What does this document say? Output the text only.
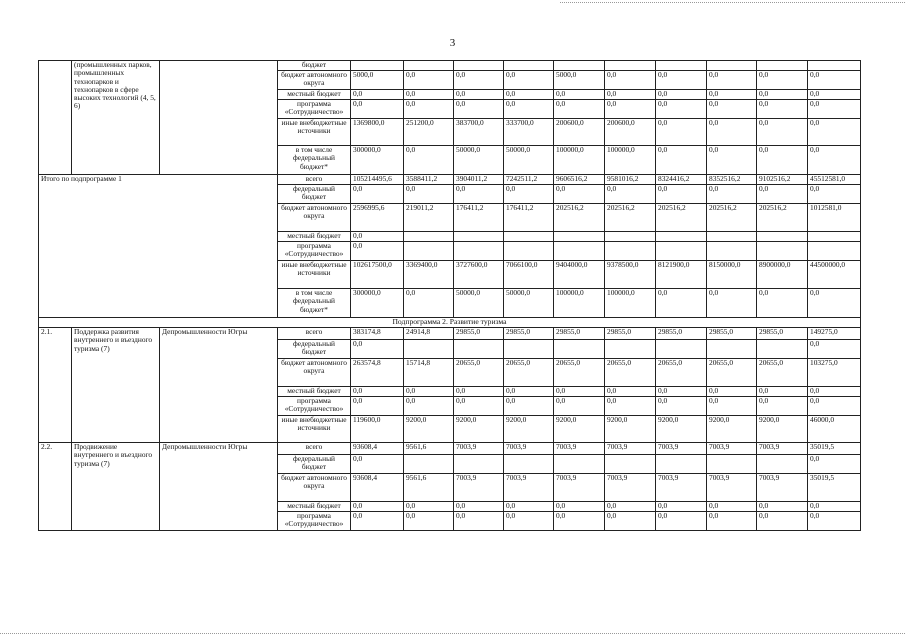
3
	(промышленных парков, промышленных технопарков и технопарков в сфере высоких технологий (4, 5, 6)		бюджет										
			бюджет автономного округа	5000,0	0,0	0,0	0,0	5000,0	0,0	0,0	0,0	0,0	0,0
			местный бюджет	0,0	0,0	0,0	0,0	0,0	0,0	0,0	0,0	0,0	0,0
			программа «Сотрудничество»	0,0	0,0	0,0	0,0	0,0	0,0	0,0	0,0	0,0	0,0
			иные внебюджетные источники	1369800,0	251200,0	383700,0	333700,0	200600,0	200600,0	0,0	0,0	0,0	0,0
			в том числе федеральный бюджет*	300000,0	0,0	50000,0	50000,0	100000,0	100000,0	0,0	0,0	0,0	0,0
Итого по подпрограмме 1			всего	105214495,6	3588411,2	3904011,2	7242511,2	9606516,2	9581016,2	8324416,2	8352516,2	9102516,2	45512581,0
			федеральный бюджет	0,0	0,0	0,0	0,0	0,0	0,0	0,0	0,0	0,0	0,0
			бюджет автономного округа	2596995,6	219011,2	176411,2	176411,2	202516,2	202516,2	202516,2	202516,2	202516,2	1012581,0
			местный бюджет	0,0									
			программа «Сотрудничество»	0,0									
			иные внебюджетные источники	102617500,0	3369400,0	3727600,0	7066100,0	9404000,0	9378500,0	8121900,0	8150000,0	8900000,0	44500000,0
			в том числе федеральный бюджет*	300000,0	0,0	50000,0	50000,0	100000,0	100000,0	0,0	0,0	0,0	0,0
Подпрограмма 2. Развитие туризма													
2.1.	Поддержка развития внутреннего и въездного туризма (7)	Депромышленности Югры	всего	383174,8	24914,8	29855,0	29855,0	29855,0	29855,0	29855,0	29855,0	29855,0	149275,0
			федеральный бюджет	0,0									0,0
			бюджет автономного округа	263574,8	15714,8	20655,0	20655,0	20655,0	20655,0	20655,0	20655,0	20655,0	103275,0
			местный бюджет	0,0	0,0	0,0	0,0	0,0	0,0	0,0	0,0	0,0	0,0
			программа «Сотрудничество»	0,0	0,0	0,0	0,0	0,0	0,0	0,0	0,0	0,0	0,0
			иные внебюджетные источники	119600,0	9200,0	9200,0	9200,0	9200,0	9200,0	9200,0	9200,0	9200,0	46000,0
2.2.	Продвижение внутреннего и въездного туризма (7)	Депромышленности Югры	всего	93608,4	9561,6	7003,9	7003,9	7003,9	7003,9	7003,9	7003,9	7003,9	35019,5
			федеральный бюджет	0,0									0,0
			бюджет автономного округа	93608,4	9561,6	7003,9	7003,9	7003,9	7003,9	7003,9	7003,9	7003,9	35019,5
			местный бюджет	0,0	0,0	0,0	0,0	0,0	0,0	0,0	0,0	0,0	0,0
			программа «Сотрудничество»	0,0	0,0	0,0	0,0	0,0	0,0	0,0	0,0	0,0	0,0
